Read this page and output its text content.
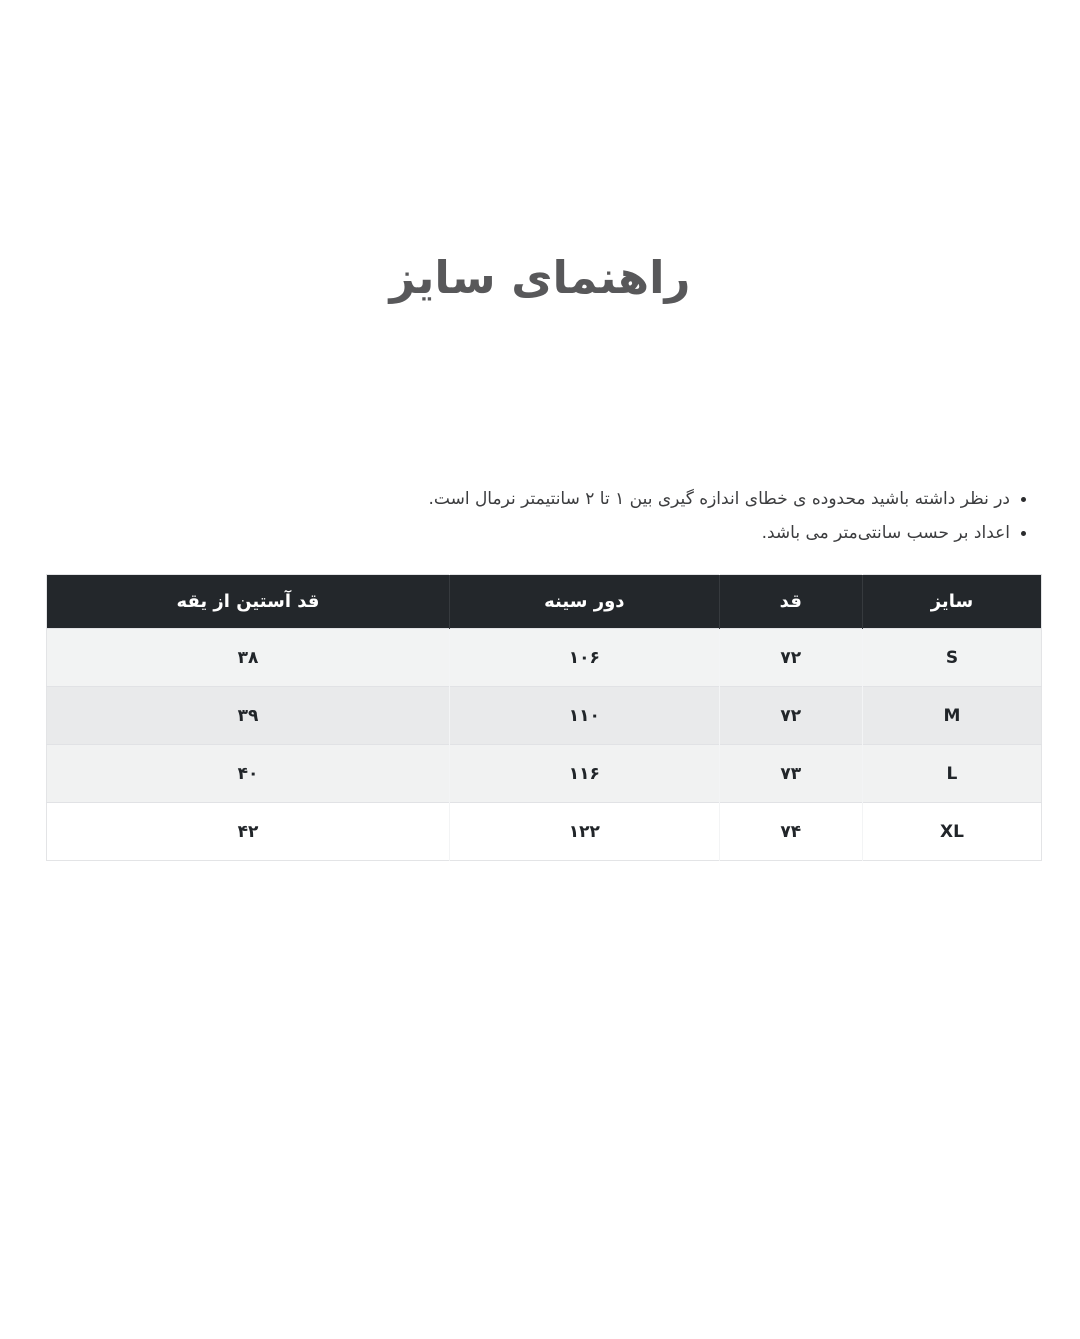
راهنمای سایز
• در نظر داشته باشید محدوده ی خطای اندازه گیری بین ۱ تا ۲ سانتیمتر نرمال است.
• اعداد بر حسب سانتی‌متر می باشد.
سایز	قد	دور سینه	قد آستین از یقه
S	۷۲	۱۰۶	۳۸
M	۷۲	۱۱۰	۳۹
L	۷۳	۱۱۶	۴۰
XL	۷۴	۱۲۲	۴۲
